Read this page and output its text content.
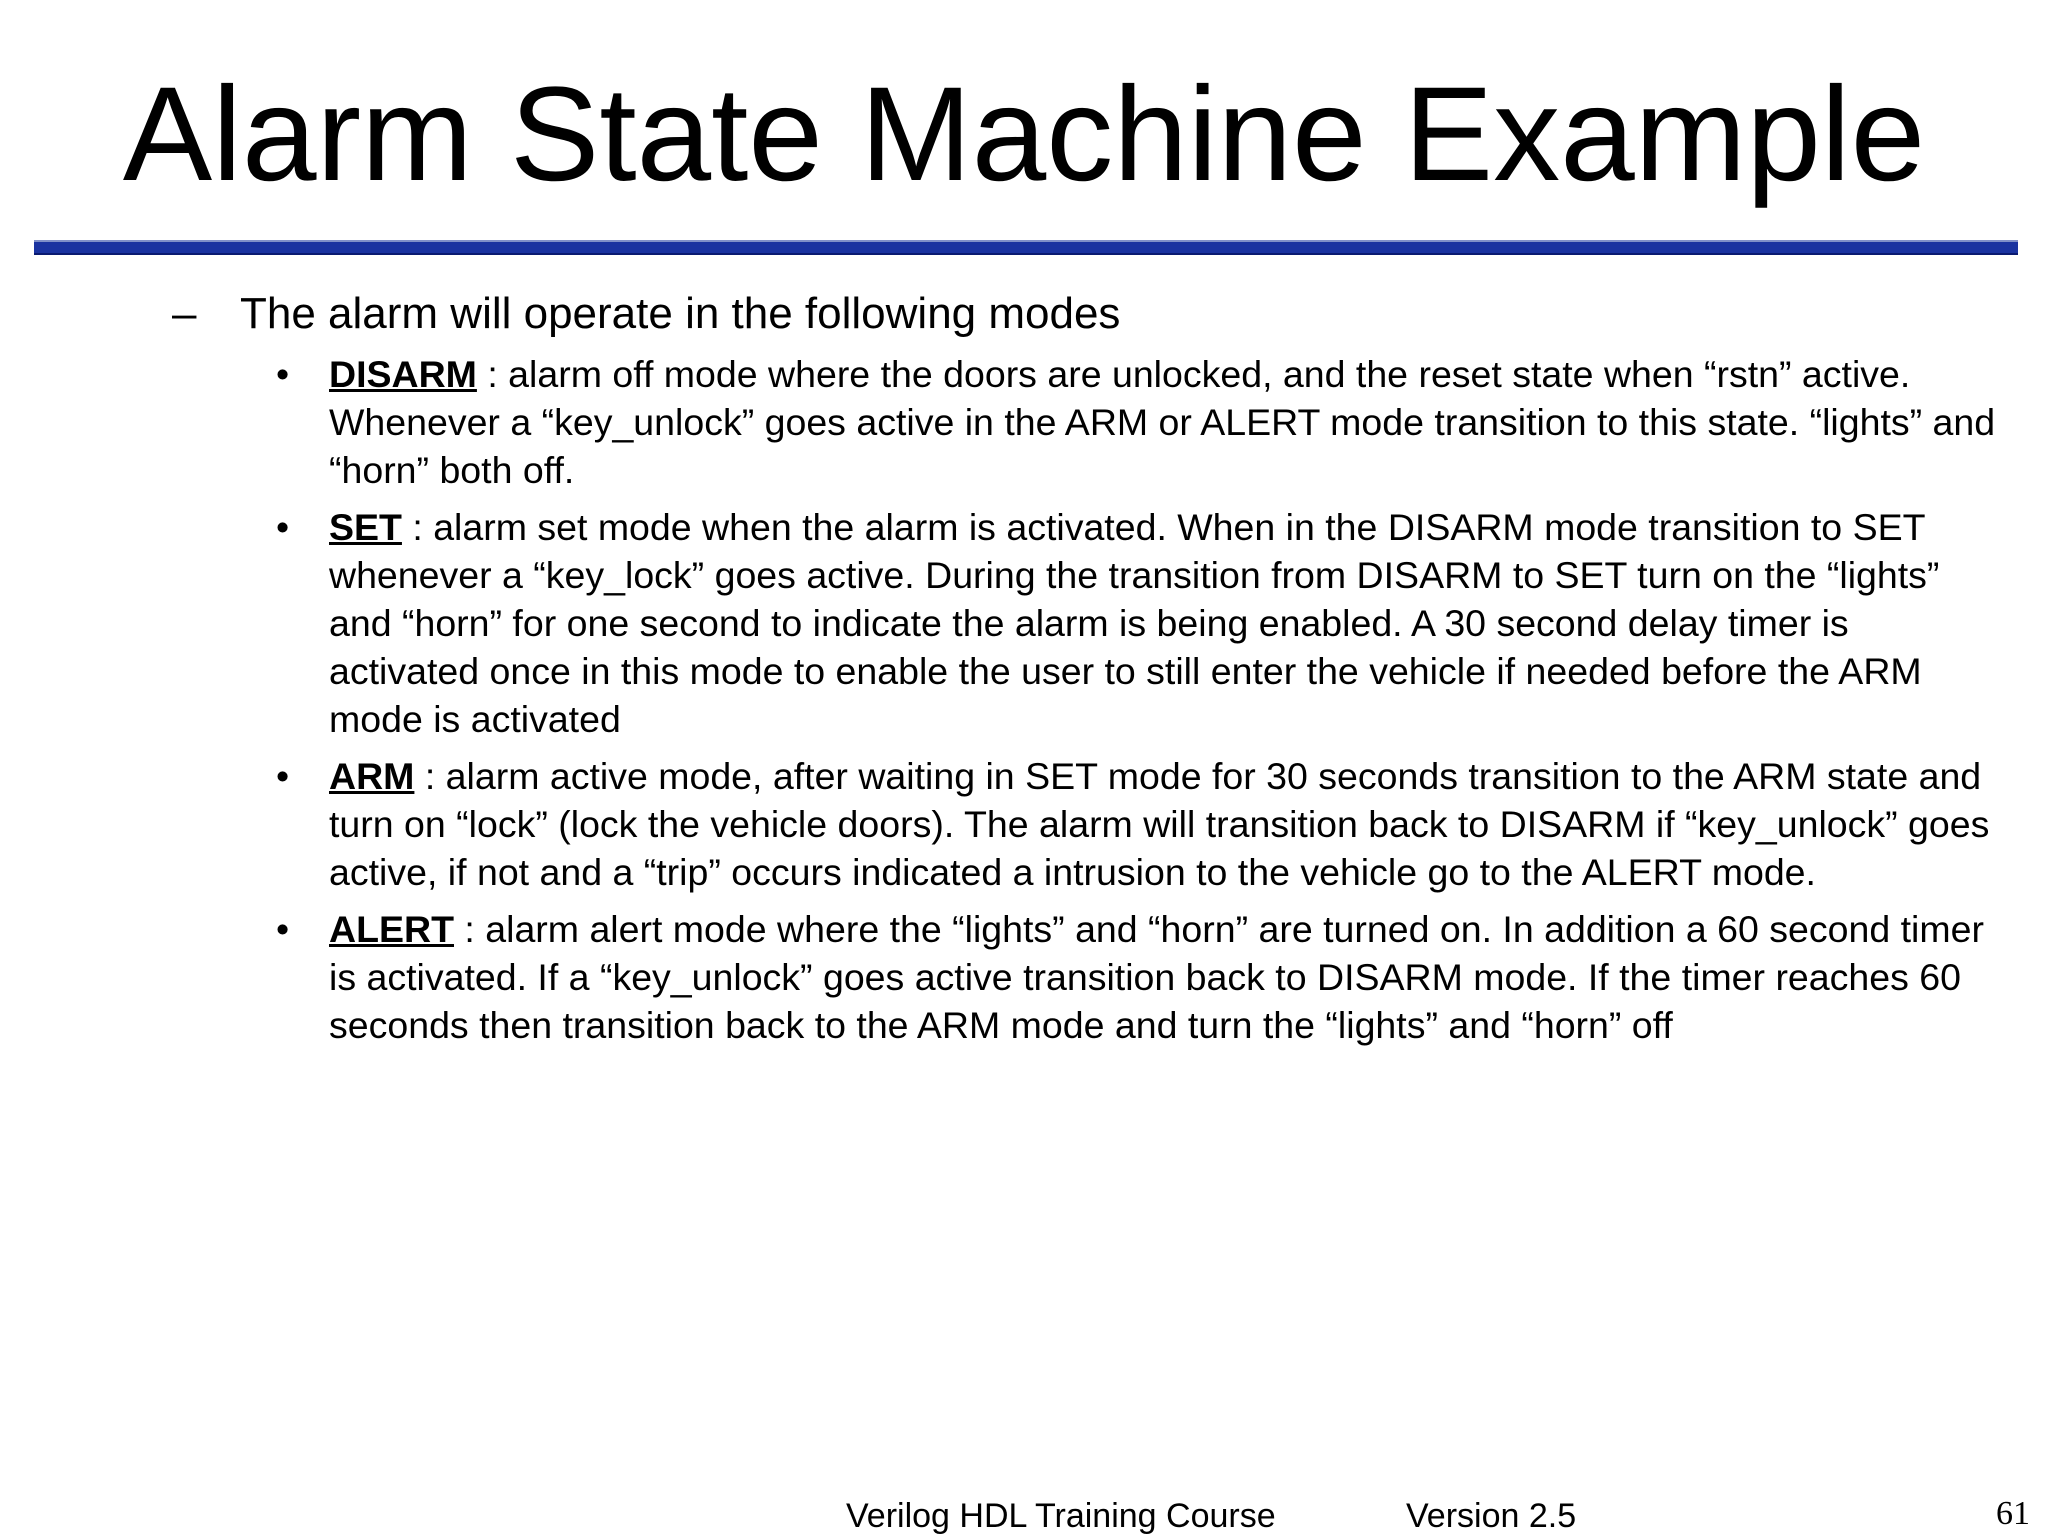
Alarm State Machine Example
– The alarm will operate in the following modes
•	DISARM : alarm off mode where the doors are unlocked, and the reset state when “rstn” active. Whenever a “key_unlock” goes active in the ARM or ALERT mode transition to this state. “lights” and “horn” both off.
•	SET : alarm set mode when the alarm is activated. When in the DISARM mode transition to SET whenever a “key_lock” goes active. During the transition from DISARM to SET turn on the “lights” and “horn” for one second to indicate the alarm is being enabled. A 30 second delay timer is activated once in this mode to enable the user to still enter the vehicle if needed before the ARM mode is activated
•	ARM : alarm active mode, after waiting in SET mode for 30 seconds transition to the ARM state and turn on “lock” (lock the vehicle doors). The alarm will transition back to DISARM if “key_unlock” goes active, if not and a “trip” occurs indicated a intrusion to the vehicle go to the ALERT mode.
•	ALERT : alarm alert mode where the “lights” and “horn” are turned on. In addition a 60 second timer is activated. If a “key_unlock” goes active transition back to DISARM mode. If the timer reaches 60 seconds then transition back to the ARM mode and turn the “lights” and “horn” off
Verilog HDL Training Course	Version 2.5	61
